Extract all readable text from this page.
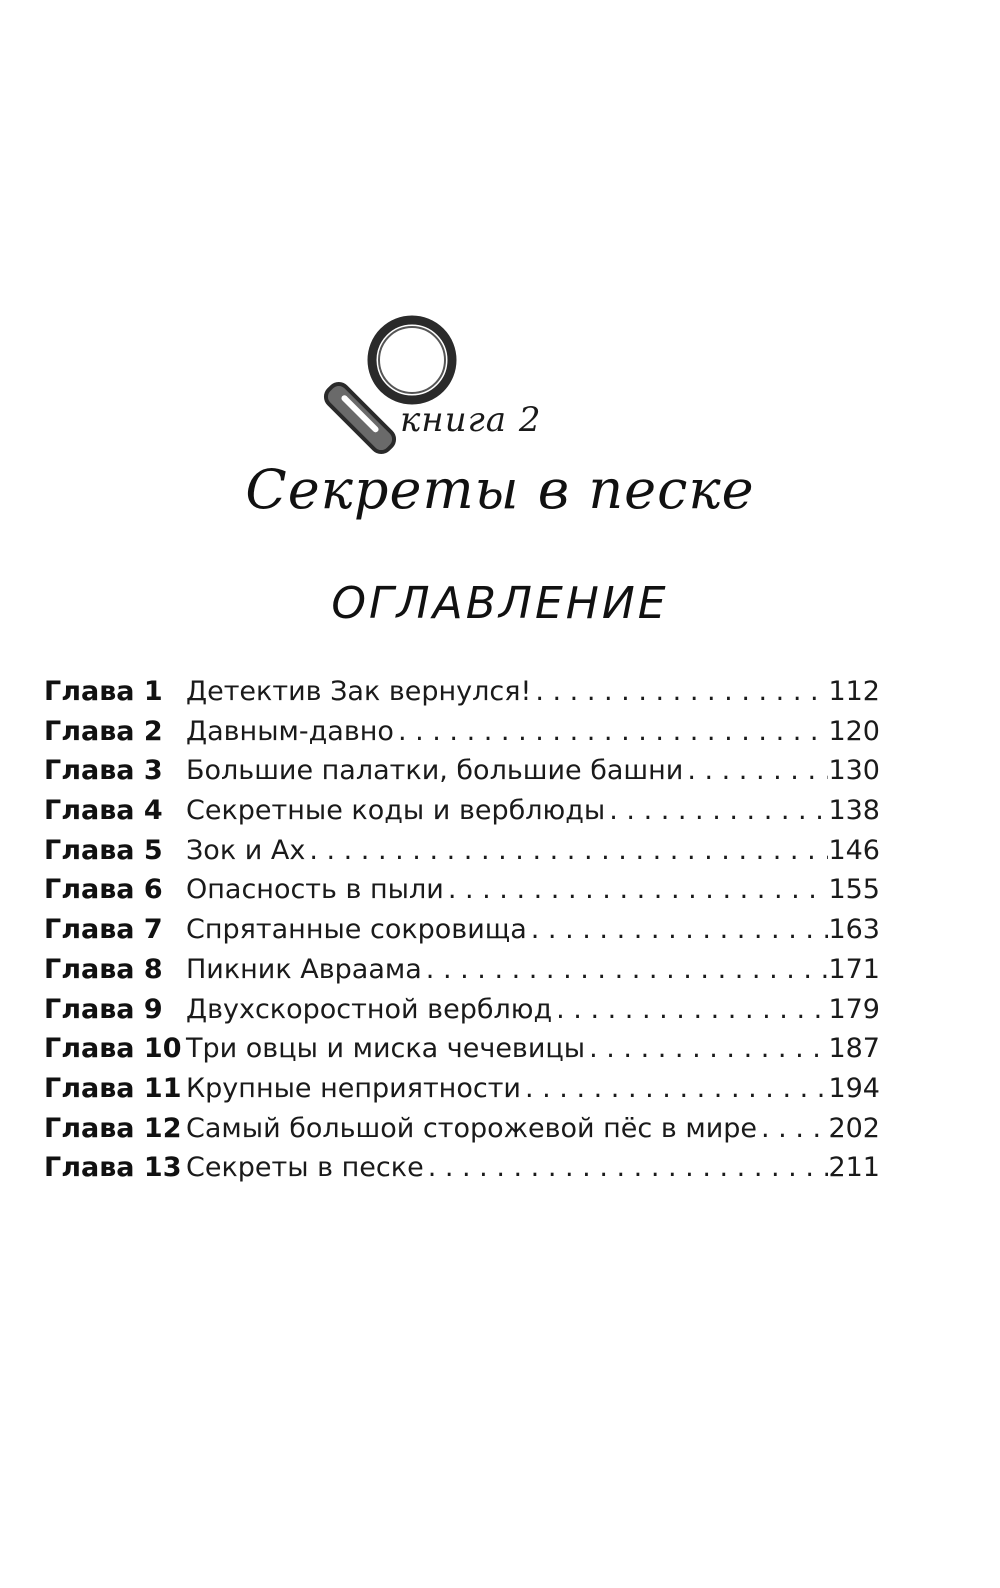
книга 2
Секреты в песке
ОГЛАВЛЕНИЕ
Глава 1 Детектив Зак вернулся! . . .	112
Глава 2 Давным-давно . . .	120
Глава 3 Большие палатки, большие башни . . .	130
Глава 4 Секретные коды и верблюды . . .	138
Глава 5 Зок и Ах . . .	146
Глава 6 Опасность в пыли . . .	155
Глава 7 Спрятанные сокровища . . .	163
Глава 8 Пикник Авраама . . .	171
Глава 9 Двухскоростной верблюд . . .	179
Глава 10 Три овцы и миска чечевицы . . .	187
Глава 11 Крупные неприятности . . .	194
Глава 12 Самый большой сторожевой пёс в мире . . .	202
Глава 13 Секреты в песке . . .	211
